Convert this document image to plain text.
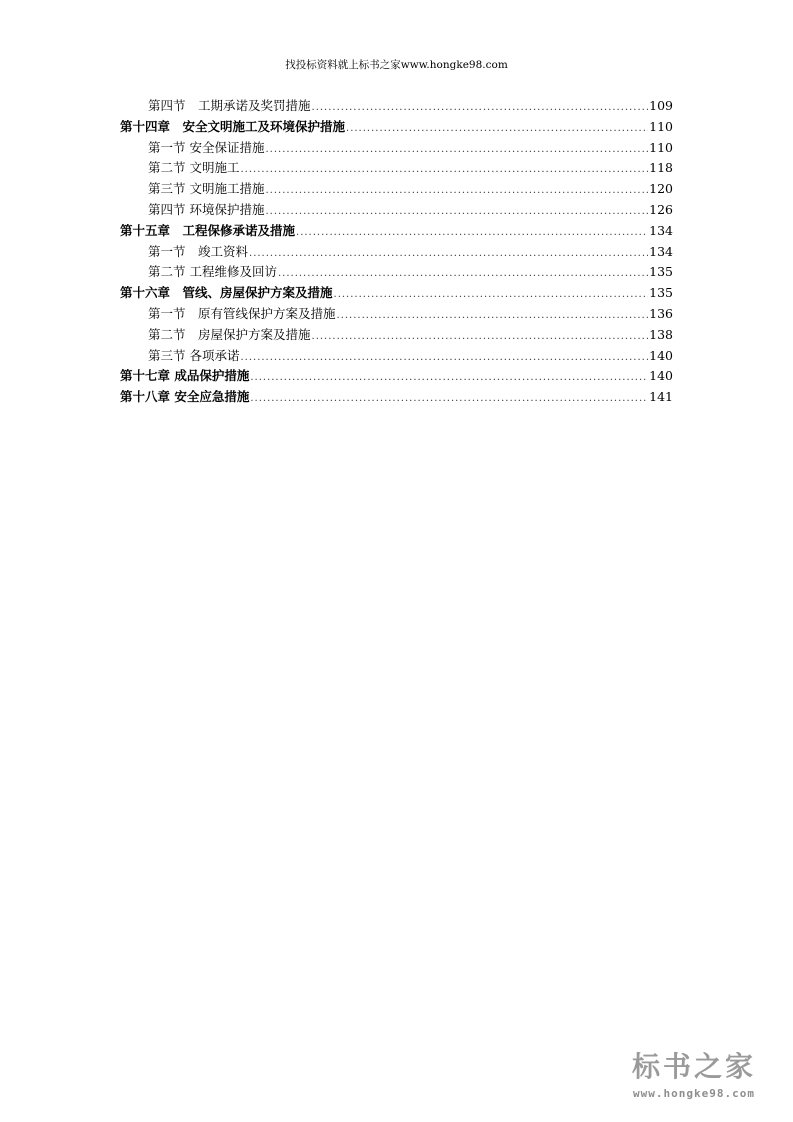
找投标资料就上标书之家www.hongke98.com
第四节　工期承诺及奖罚措施 .....	109
第十四章　安全文明施工及环境保护措施 .....	110
第一节 安全保证措施 .....	110
第二节 文明施工 .....	118
第三节 文明施工措施 .....	120
第四节 环境保护措施 .....	126
第十五章　工程保修承诺及措施 .....	134
第一节　竣工资料 .....	134
第二节 工程维修及回访 .....	135
第十六章　管线、房屋保护方案及措施 .....	135
第一节　原有管线保护方案及措施 .....	136
第二节　房屋保护方案及措施 .....	138
第三节 各项承诺 .....	140
第十七章 成品保护措施 .....	140
第十八章 安全应急措施 .....	141
标书之家
www.hongke98.com
